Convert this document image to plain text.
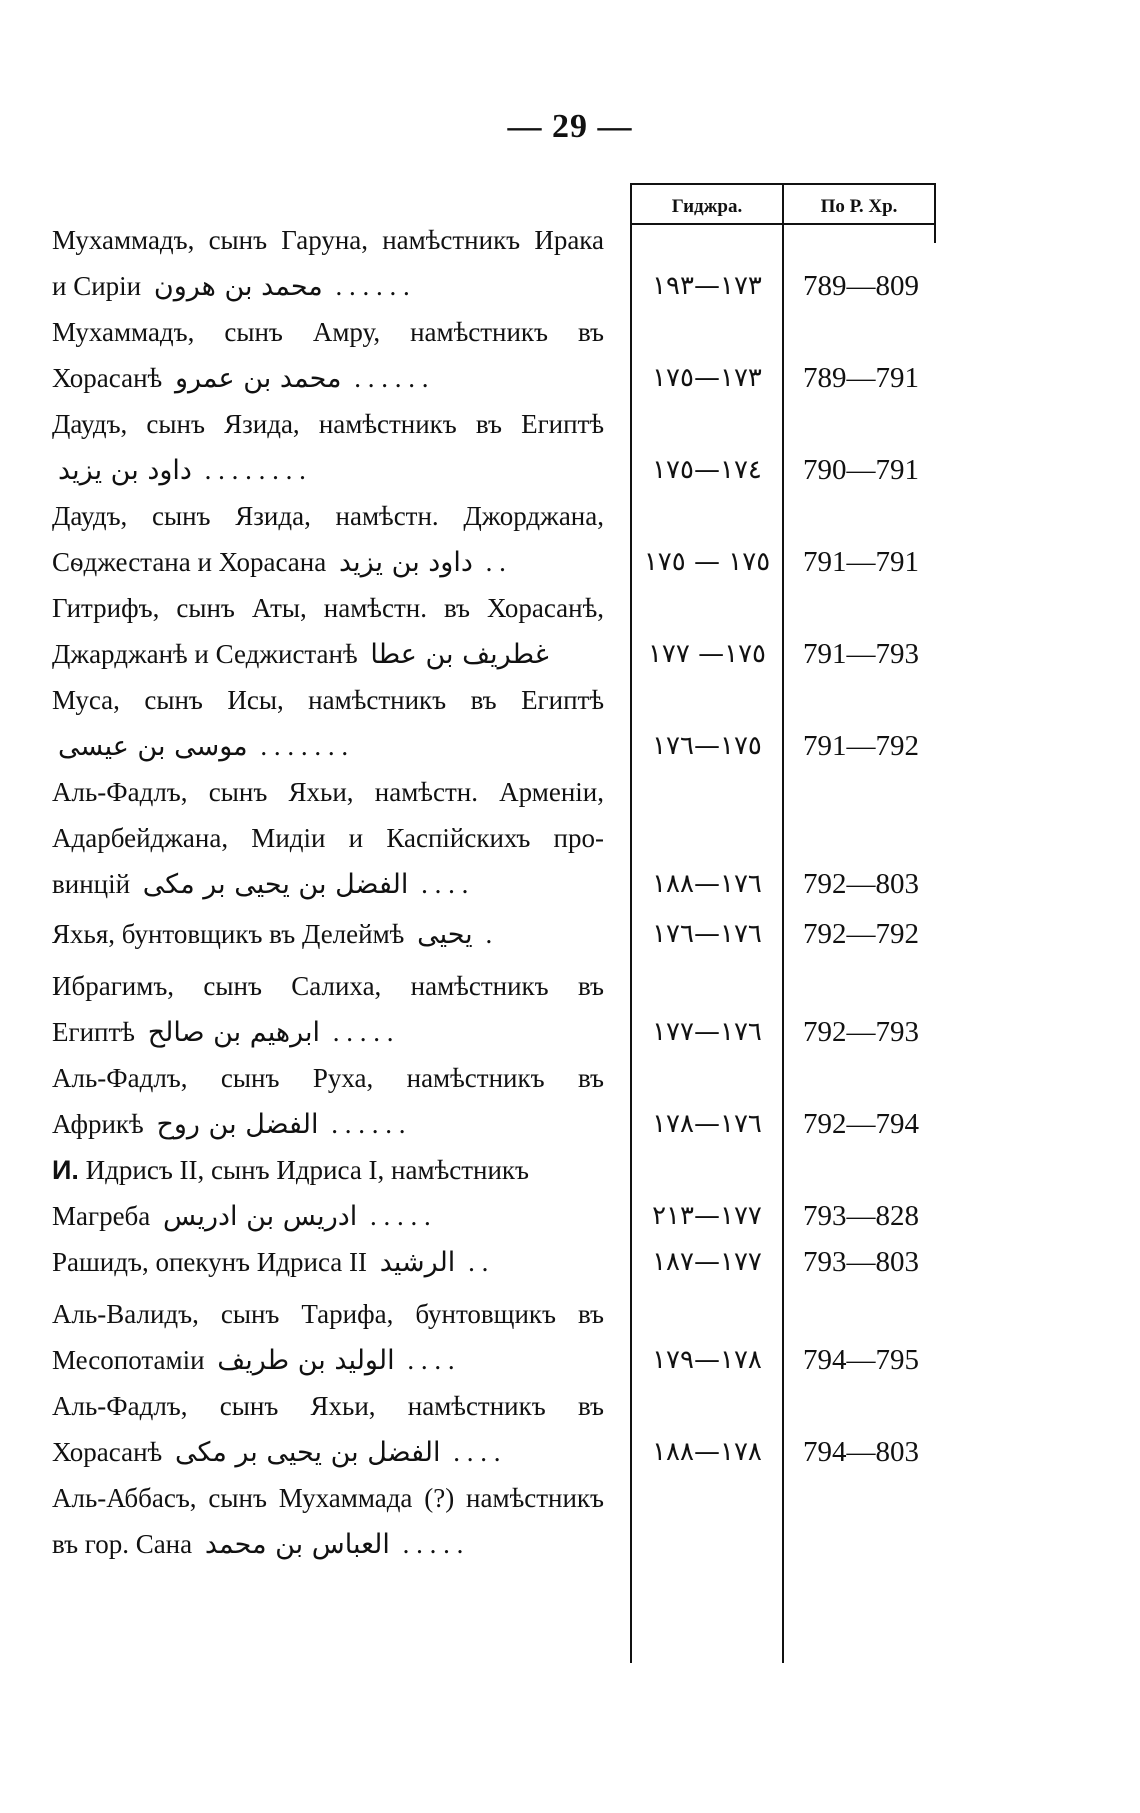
— 29 —
Гиджра.	По Р. Хр.
Мухаммадъ, сынъ Гаруна, намѣстникъ Ирака
и Сиріи محمد بن هرون . . . . . .	١٧٣—١٩٣	789—809
Мухаммадъ, сынъ Амру, намѣстникъ въ
Хорасанѣ محمد بن عمرو . . . . . .	١٧٣—١٧٥	789—791
Даудъ, сынъ Язида, намѣстникъ въ Египтѣ
داود بن يزيد . . . . . . . .	١٧٤—١٧٥	790—791
Даудъ, сынъ Язида, намѣстн. Джорджана,
Сѳджестана и Хорасана داود بن يزيد . .	١٧٥ — ١٧٥	791—791
Гитрифъ, сынъ Аты, намѣстн. въ Хорасанѣ,
Джарджанѣ и Седжистанѣ غطريف بن عطا	١٧٥— ١٧٧	791—793
Муса, сынъ Исы, намѣстникъ въ Египтѣ
موسى بن عيسى . . . . . . .	١٧٥—١٧٦	791—792
Аль-Фадлъ, сынъ Яхьи, намѣстн. Арменіи,
Адарбейджана, Мидіи и Каспійскихъ про-
винцій الفضل بن يحيى بر مكى . . . .	١٧٦—١٨٨	792—803
Яхья, бунтовщикъ въ Делеймѣ يحيى .	١٧٦—١٧٦	792—792
Ибрагимъ, сынъ Салиха, намѣстникъ въ
Египтѣ ابرهيم بن صالح . . . . .	١٧٦—١٧٧	792—793
Аль-Фадлъ, сынъ Руха, намѣстникъ въ
Африкѣ الفضل بن روح . . . . . .	١٧٦—١٧٨	792—794
И. Идрисъ II, сынъ Идриса I, намѣстникъ
Магреба ادريس بن ادريس . . . . .	١٧٧—٢١٣	793—828
Рашидъ, опекунъ Идриса II الرشيد . .	١٧٧—١٨٧	793—803
Аль-Валидъ, сынъ Тарифа, бунтовщикъ въ
Месопотаміи الوليد بن طريف . . . .	١٧٨—١٧٩	794—795
Аль-Фадлъ, сынъ Яхьи, намѣстникъ въ
Хорасанѣ الفضل بن يحيى بر مكى . . . .	١٧٨—١٨٨	794—803
Аль-Аббасъ, сынъ Мухаммада (?) намѣстникъ
въ гор. Сана العباس بن محمد . . . . .
